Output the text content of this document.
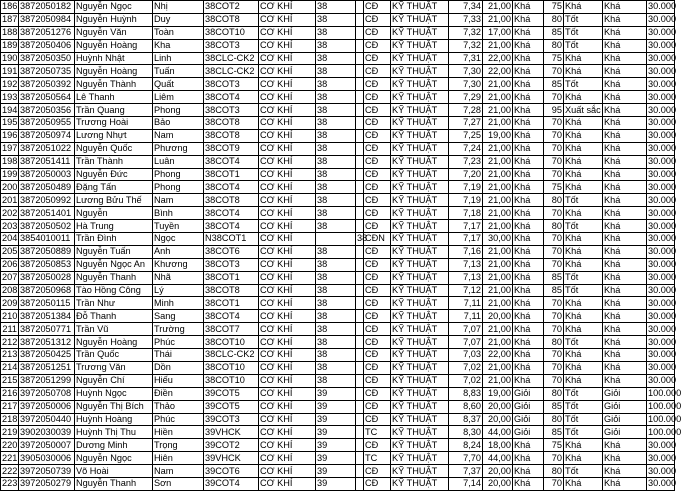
186	3872050182	Nguyễn Ngọc	Nhị	38COT2	CƠ KHÍ	38		CĐ	KỸ THUẬT	7,34	21,00	Khá	75	Khá	Khá	30.000
187	3872050984	Nguyễn Huỳnh	Duy	38COT8	CƠ KHÍ	38		CĐ	KỸ THUẬT	7,33	21,00	Khá	80	Tốt	Khá	30.000
188	3872051276	Nguyễn Văn	Toàn	38COT10	CƠ KHÍ	38		CĐ	KỸ THUẬT	7,32	17,00	Khá	85	Tốt	Khá	30.000
189	3872050406	Nguyễn Hoàng	Kha	38COT3	CƠ KHÍ	38		CĐ	KỸ THUẬT	7,32	21,00	Khá	80	Tốt	Khá	30.000
190	3872050350	Huỳnh Nhật	Linh	38CLC-CK2	CƠ KHÍ	38		CĐ	KỸ THUẬT	7,31	22,00	Khá	75	Khá	Khá	30.000
191	3872050735	Nguyễn Hoàng	Tuấn	38CLC-CK2	CƠ KHÍ	38		CĐ	KỸ THUẬT	7,30	22,00	Khá	70	Khá	Khá	30.000
192	3872050392	Nguyễn Thành	Quất	38COT3	CƠ KHÍ	38		CĐ	KỸ THUẬT	7,30	21,00	Khá	85	Tốt	Khá	30.000
193	3872050564	Lê Thanh	Liêm	38COT4	CƠ KHÍ	38		CĐ	KỸ THUẬT	7,29	21,00	Khá	70	Khá	Khá	30.000
194	3872050356	Trần Quang	Phong	38COT3	CƠ KHÍ	38		CĐ	KỸ THUẬT	7,28	21,00	Khá	95	Xuất sắc	Khá	30.000
195	3872050955	Trương Hoài	Bảo	38COT8	CƠ KHÍ	38		CĐ	KỸ THUẬT	7,27	21,00	Khá	70	Khá	Khá	30.000
196	3872050974	Lương Nhựt	Nam	38COT8	CƠ KHÍ	38		CĐ	KỸ THUẬT	7,25	19,00	Khá	70	Khá	Khá	30.000
197	3872051022	Nguyễn Quốc	Phương	38COT9	CƠ KHÍ	38		CĐ	KỸ THUẬT	7,24	21,00	Khá	70	Khá	Khá	30.000
198	3872051411	Trần Thành	Luân	38COT4	CƠ KHÍ	38		CĐ	KỸ THUẬT	7,23	21,00	Khá	70	Khá	Khá	30.000
199	3872050003	Nguyễn Đức	Phong	38COT1	CƠ KHÍ	38		CĐ	KỸ THUẬT	7,20	21,00	Khá	70	Khá	Khá	30.000
200	3872050489	Đặng Tấn	Phong	38COT4	CƠ KHÍ	38		CĐ	KỸ THUẬT	7,19	21,00	Khá	75	Khá	Khá	30.000
201	3872050992	Lương Bửu Thế	Nam	38COT8	CƠ KHÍ	38		CĐ	KỸ THUẬT	7,19	21,00	Khá	80	Tốt	Khá	30.000
202	3872051401	Nguyễn	Bình	38COT4	CƠ KHÍ	38		CĐ	KỸ THUẬT	7,18	21,00	Khá	70	Khá	Khá	30.000
203	3872050502	Hà Trung	Tuyền	38COT4	CƠ KHÍ	38		CĐ	KỸ THUẬT	7,17	21,00	Khá	80	Tốt	Khá	30.000
204	3854010011	Trần Đình	Ngọc	N38COT1	CƠ KHÍ		38	CĐN	KỸ THUẬT	7,17	30,00	Khá	70	Khá	Khá	30.000
205	3872050889	Nguyễn Tuấn	Anh	38COT6	CƠ KHÍ	38		CĐ	KỸ THUẬT	7,16	21,00	Khá	70	Khá	Khá	30.000
206	3872050853	Nguyễn Ngọc An	Khương	38COT3	CƠ KHÍ	38		CĐ	KỸ THUẬT	7,13	21,00	Khá	70	Khá	Khá	30.000
207	3872050028	Nguyễn Thanh	Nhã	38COT1	CƠ KHÍ	38		CĐ	KỸ THUẬT	7,13	21,00	Khá	85	Tốt	Khá	30.000
208	3872050968	Tào Hồng Công	Lý	38COT8	CƠ KHÍ	38		CĐ	KỸ THUẬT	7,12	21,00	Khá	85	Tốt	Khá	30.000
209	3872050115	Trần Như	Minh	38COT1	CƠ KHÍ	38		CĐ	KỸ THUẬT	7,11	21,00	Khá	70	Khá	Khá	30.000
210	3872051384	Đỗ Thanh	Sang	38COT4	CƠ KHÍ	38		CĐ	KỸ THUẬT	7,11	20,00	Khá	70	Khá	Khá	30.000
211	3872050771	Trần Vũ	Trường	38COT7	CƠ KHÍ	38		CĐ	KỸ THUẬT	7,07	21,00	Khá	70	Khá	Khá	30.000
212	3872051312	Nguyễn Hoàng	Phúc	38COT10	CƠ KHÍ	38		CĐ	KỸ THUẬT	7,07	21,00	Khá	80	Tốt	Khá	30.000
213	3872050425	Trần Quốc	Thái	38CLC-CK2	CƠ KHÍ	38		CĐ	KỸ THUẬT	7,03	22,00	Khá	70	Khá	Khá	30.000
214	3872051251	Trương Văn	Dồn	38COT10	CƠ KHÍ	38		CĐ	KỸ THUẬT	7,02	21,00	Khá	70	Khá	Khá	30.000
215	3872051299	Nguyễn Chí	Hiếu	38COT10	CƠ KHÍ	38		CĐ	KỸ THUẬT	7,02	21,00	Khá	70	Khá	Khá	30.000
216	3972050708	Huỳnh Ngọc	Điền	39COT5	CƠ KHÍ	39		CĐ	KỸ THUẬT	8,83	19,00	Giỏi	80	Tốt	Giỏi	100.000
217	3972050006	Nguyễn Thị Bích	Thảo	39COT5	CƠ KHÍ	39		CĐ	KỸ THUẬT	8,60	20,00	Giỏi	85	Tốt	Giỏi	100.000
218	3972050440	Huỳnh Hoàng	Phúc	39COT3	CƠ KHÍ	39		CĐ	KỸ THUẬT	8,37	20,00	Giỏi	80	Tốt	Giỏi	100.000
219	3902030039	Huỳnh Thị Thu	Hiền	39VHCK	CƠ KHÍ	39		TC	KỸ THUẬT	8,30	44,00	Giỏi	85	Tốt	Giỏi	100.000
220	3972050007	Dương Minh	Trọng	39COT2	CƠ KHÍ	39		CĐ	KỸ THUẬT	8,24	18,00	Khá	75	Khá	Khá	30.000
221	3905030006	Nguyễn Ngọc	Hiên	39VHCK	CƠ KHÍ	39		TC	KỸ THUẬT	7,70	44,00	Khá	70	Khá	Khá	30.000
222	3972050739	Võ Hoài	Nam	39COT6	CƠ KHÍ	39		CĐ	KỸ THUẬT	7,37	20,00	Khá	80	Tốt	Khá	30.000
223	3972050279	Nguyễn Thanh	Sơn	39COT4	CƠ KHÍ	39		CĐ	KỸ THUẬT	7,14	20,00	Khá	70	Khá	Khá	30.000
